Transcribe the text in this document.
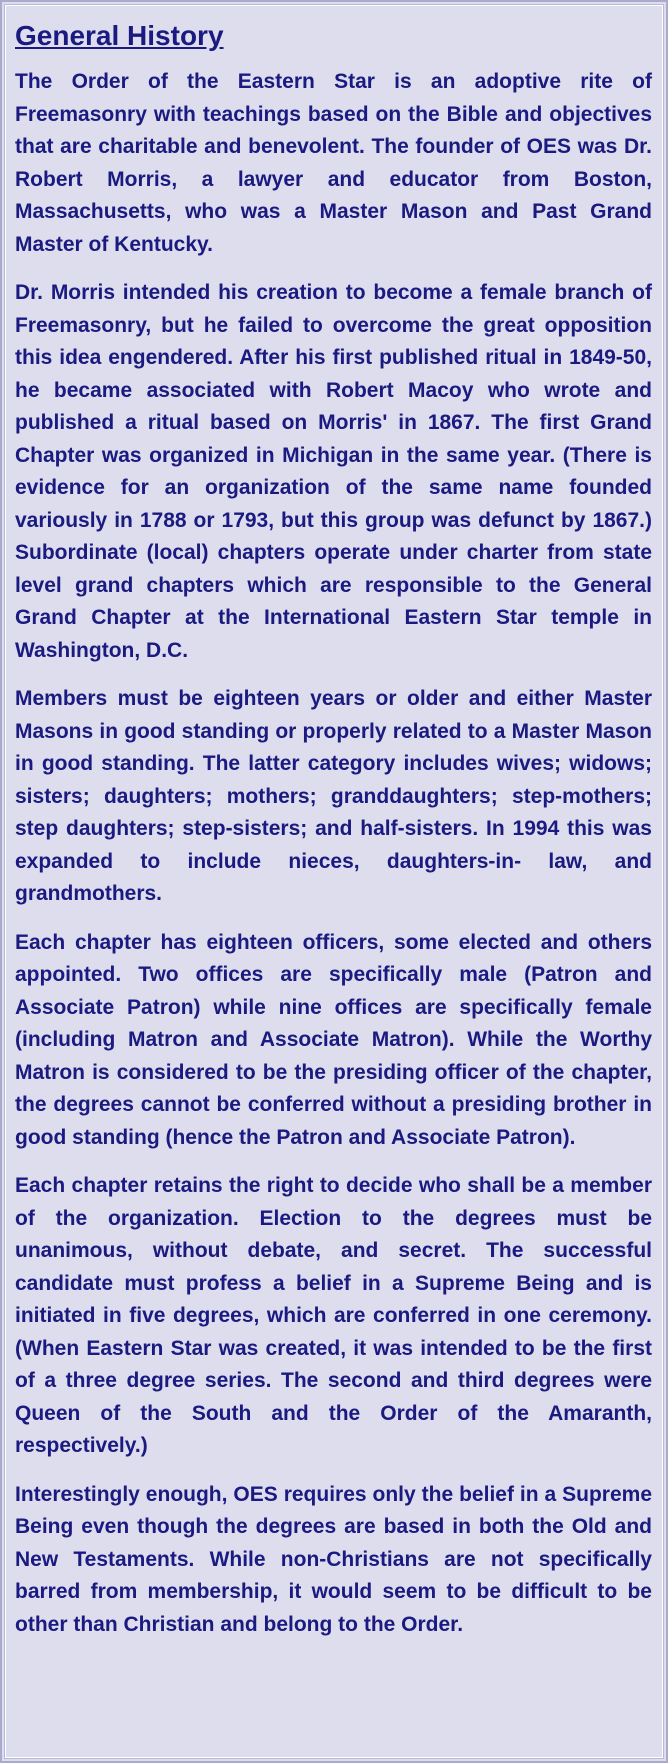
General History

The Order of the Eastern Star is an adoptive rite of Freemasonry with teachings based on the Bible and objectives that are charitable and benevolent. The founder of OES was Dr. Robert Morris, a lawyer and educator from Boston, Massachusetts, who was a Master Mason and Past Grand Master of Kentucky.

Dr. Morris intended his creation to become a female branch of Freemasonry, but he failed to overcome the great opposition this idea engendered. After his first published ritual in 1849-50, he became associated with Robert Macoy who wrote and published a ritual based on Morris' in 1867. The first Grand Chapter was organized in Michigan in the same year. (There is evidence for an organization of the same name founded variously in 1788 or 1793, but this group was defunct by 1867.) Subordinate (local) chapters operate under charter from state level grand chapters which are responsible to the General Grand Chapter at the International Eastern Star temple in Washington, D.C.

Members must be eighteen years or older and either Master Masons in good standing or properly related to a Master Mason in good standing. The latter category includes wives; widows; sisters; daughters; mothers; granddaughters; step-mothers; step daughters; step-sisters; and half-sisters. In 1994 this was expanded to include nieces, daughters-in- law, and grandmothers.

Each chapter has eighteen officers, some elected and others appointed. Two offices are specifically male (Patron and Associate Patron) while nine offices are specifically female (including Matron and Associate Matron). While the Worthy Matron is considered to be the presiding officer of the chapter, the degrees cannot be conferred without a presiding brother in good standing (hence the Patron and Associate Patron).

Each chapter retains the right to decide who shall be a member of the organization. Election to the degrees must be unanimous, without debate, and secret. The successful candidate must profess a belief in a Supreme Being and is initiated in five degrees, which are conferred in one ceremony. (When Eastern Star was created, it was intended to be the first of a three degree series. The second and third degrees were Queen of the South and the Order of the Amaranth, respectively.)

Interestingly enough, OES requires only the belief in a Supreme Being even though the degrees are based in both the Old and New Testaments. While non-Christians are not specifically barred from membership, it would seem to be difficult to be other than Christian and belong to the Order.
